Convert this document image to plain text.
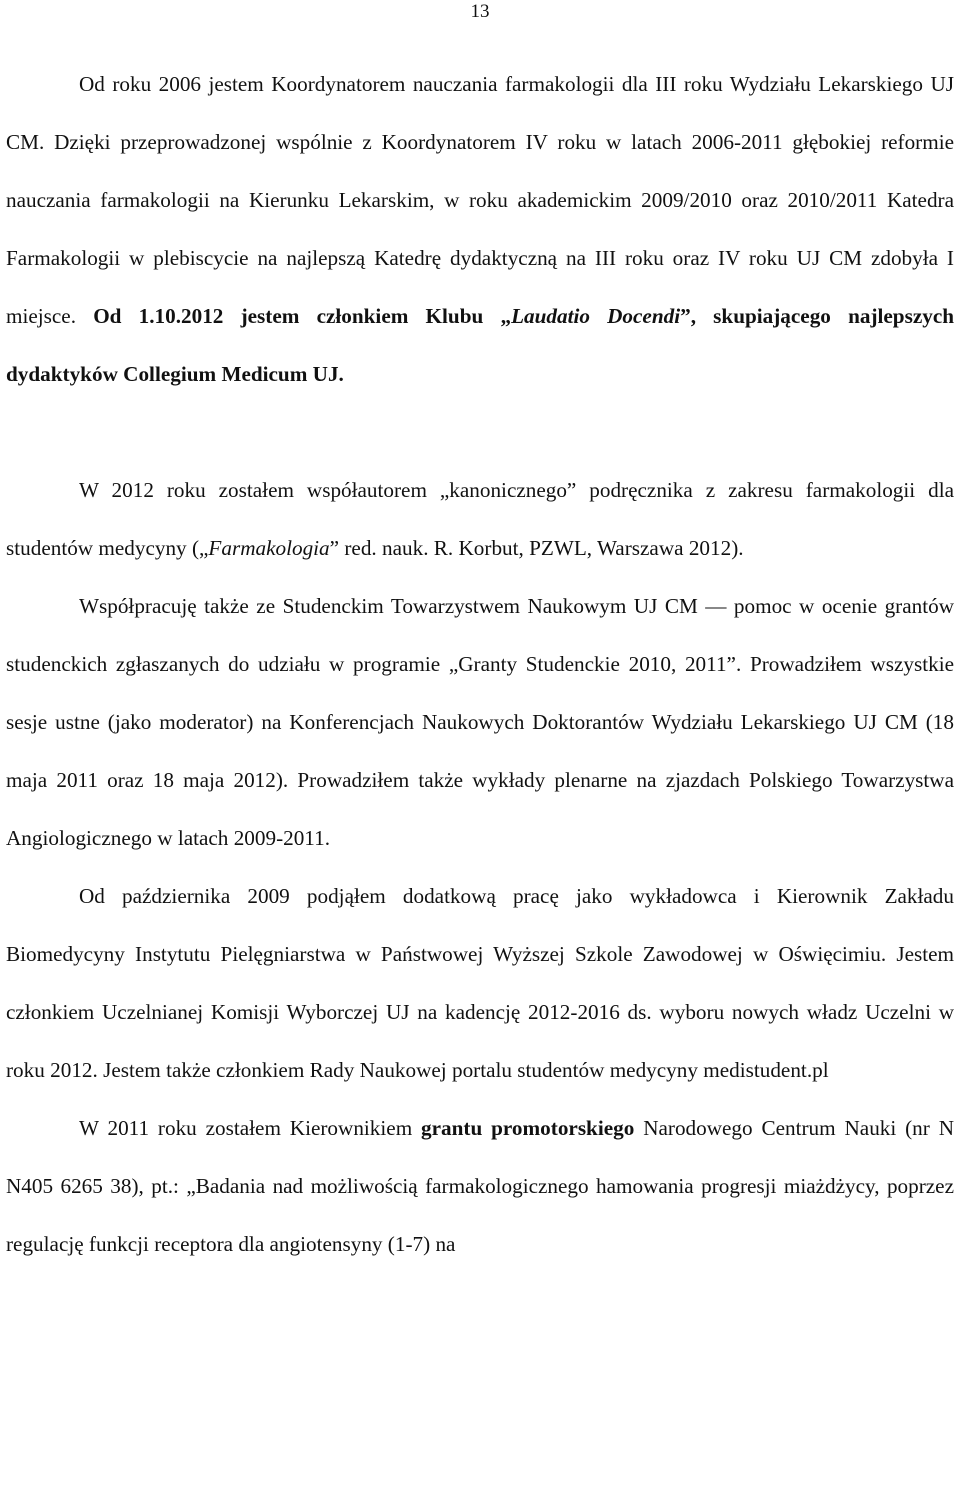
13

Od roku 2006 jestem Koordynatorem nauczania farmakologii dla III roku Wydziału Lekarskiego UJ CM. Dzięki przeprowadzonej wspólnie z Koordynatorem IV roku w latach 2006-2011 głębokiej reformie nauczania farmakologii na Kierunku Lekarskim, w roku akademickim 2009/2010 oraz 2010/2011 Katedra Farmakologii w plebiscycie na najlepszą Katedrę dydaktyczną na III roku oraz IV roku UJ CM zdobyła I miejsce. Od 1.10.2012 jestem członkiem Klubu „Laudatio Docendi”, skupiającego najlepszych dydaktyków Collegium Medicum UJ.

W 2012 roku zostałem współautorem „kanonicznego” podręcznika z zakresu farmakologii dla studentów medycyny („Farmakologia” red. nauk. R. Korbut, PZWL, Warszawa 2012).

Współpracuję także ze Studenckim Towarzystwem Naukowym UJ CM — pomoc w ocenie grantów studenckich zgłaszanych do udziału w programie „Granty Studenckie 2010, 2011”. Prowadziłem wszystkie sesje ustne (jako moderator) na Konferencjach Naukowych Doktorantów Wydziału Lekarskiego UJ CM (18 maja 2011 oraz 18 maja 2012). Prowadziłem także wykłady plenarne na zjazdach Polskiego Towarzystwa Angiologicznego w latach 2009-2011.

Od października 2009 podjąłem dodatkową pracę jako wykładowca i Kierownik Zakładu Biomedycyny Instytutu Pielęgniarstwa w Państwowej Wyższej Szkole Zawodowej w Oświęcimiu. Jestem członkiem Uczelnianej Komisji Wyborczej UJ na kadencję 2012-2016 ds. wyboru nowych władz Uczelni w roku 2012. Jestem także członkiem Rady Naukowej portalu studentów medycyny medistudent.pl

W 2011 roku zostałem Kierownikiem grantu promotorskiego Narodowego Centrum Nauki (nr N N405 6265 38), pt.: „Badania nad możliwością farmakologicznego hamowania progresji miażdżycy, poprzez regulację funkcji receptora dla angiotensyny (1-7) na
